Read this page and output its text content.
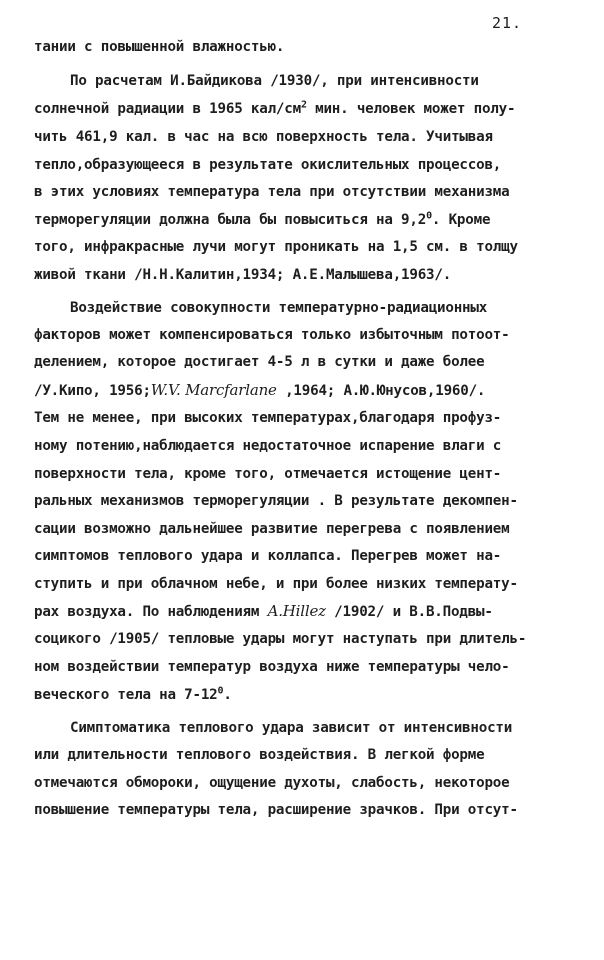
21.
тании с повышенной влажностью.
По расчетам И.Байдикова /1930/, при интенсивности
солнечной радиации в 1965 кал/$см^2$ мин. человек может полу-
чить 461,9 кал. в час на всю поверхность тела. Учитывая
тепло,образующееся в результате окислительных процессов,
в этих условиях температура тела при отсутствии механизма
терморегуляции должна была бы повыситься на $9,2^0$. Кроме
того, инфракрасные лучи могут проникать на 1,5 см. в толщу
живой ткани /Н.Н.Калитин,1934; А.Е.Малышева,1963/.
Воздействие совокупности температурно-радиационных
факторов может компенсироваться только избыточным потоот-
делением, которое достигает 4-5 л в сутки и даже более
/У.Кипо, 1956;W.V. Marcfarlane ,1964; А.Ю.Юнусов,1960/.
Тем не менее, при высоких температурах,благодаря профуз-
ному потению,наблюдается недостаточное испарение влаги с
поверхности тела, кроме того, отмечается истощение цент-
ральных механизмов терморегуляции . В результате декомпен-
сации возможно дальнейшее развитие перегрева с появлением
симптомов теплового удара и коллапса. Перегрев может на-
ступить и при облачном небе, и при более низких температу-
рах воздуха. По наблюдениям A.Hillez /1902/ и В.В.Подвы-
социкого /1905/ тепловые удары могут наступать при длитель-
ном воздействии температур воздуха ниже температуры чело-
веческого тела на $7-12^0$.
Симптоматика теплового удара зависит от интенсивности
или длительности теплового воздействия. В легкой форме
отмечаются обмороки, ощущение духоты, слабость, некоторое
повышение температуры тела, расширение зрачков. При отсут-
